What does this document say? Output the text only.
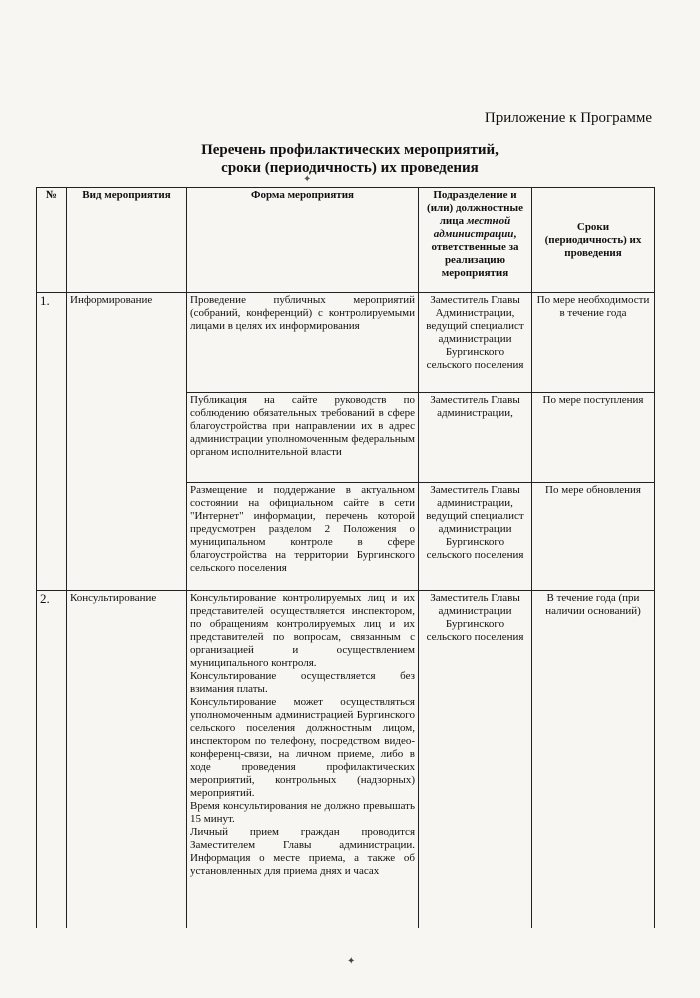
Приложение к Программе
Перечень профилактических мероприятий,
сроки (периодичность) их проведения
✦
№	Вид мероприятия	Форма мероприятия	Подразделение и (или) должностные лица местной администрации, ответственные за реализацию мероприятия	Сроки (периодичность) их проведения
1.	Информирование	Проведение публичных мероприятий (собраний, конференций) с контролируемыми лицами в целях их информирования	Заместитель Главы Администрации, ведущий специалист администрации Бургинского сельского поселения	По мере необходимости в течение года
		Публикация на сайте руководств по соблюдению обязательных требований в сфере благоустройства при направлении их в адрес администрации уполномоченным федеральным органом исполнительной власти	Заместитель Главы администрации,	По мере поступления
		Размещение и поддержание в актуальном состоянии на официальном сайте в сети "Интернет" информации, перечень которой предусмотрен разделом 2 Положения о муниципальном контроле в сфере благоустройства на территории Бургинского сельского поселения	Заместитель Главы администрации, ведущий специалист администрации Бургинского сельского поселения	По мере обновления
2.	Консультирование	Консультирование контролируемых лиц и их представителей осуществляется инспектором, по обращениям контролируемых лиц и их представителей по вопросам, связанным с организацией и осуществлением муниципального контроля.

Консультирование осуществляется без взимания платы.

Консультирование может осуществляться уполномоченным администрацией Бургинского сельского поселения должностным лицом, инспектором по телефону, посредством видео-конференц-связи, на личном приеме, либо в ходе проведения профилактических мероприятий, контрольных (надзорных) мероприятий.

Время консультирования не должно превышать 15 минут.

Личный прием граждан проводится Заместителем Главы администрации. Информация о месте приема, а также об установленных для приема днях и часах	Заместитель Главы администрации Бургинского сельского поселения	В течение года (при наличии оснований)
✦
